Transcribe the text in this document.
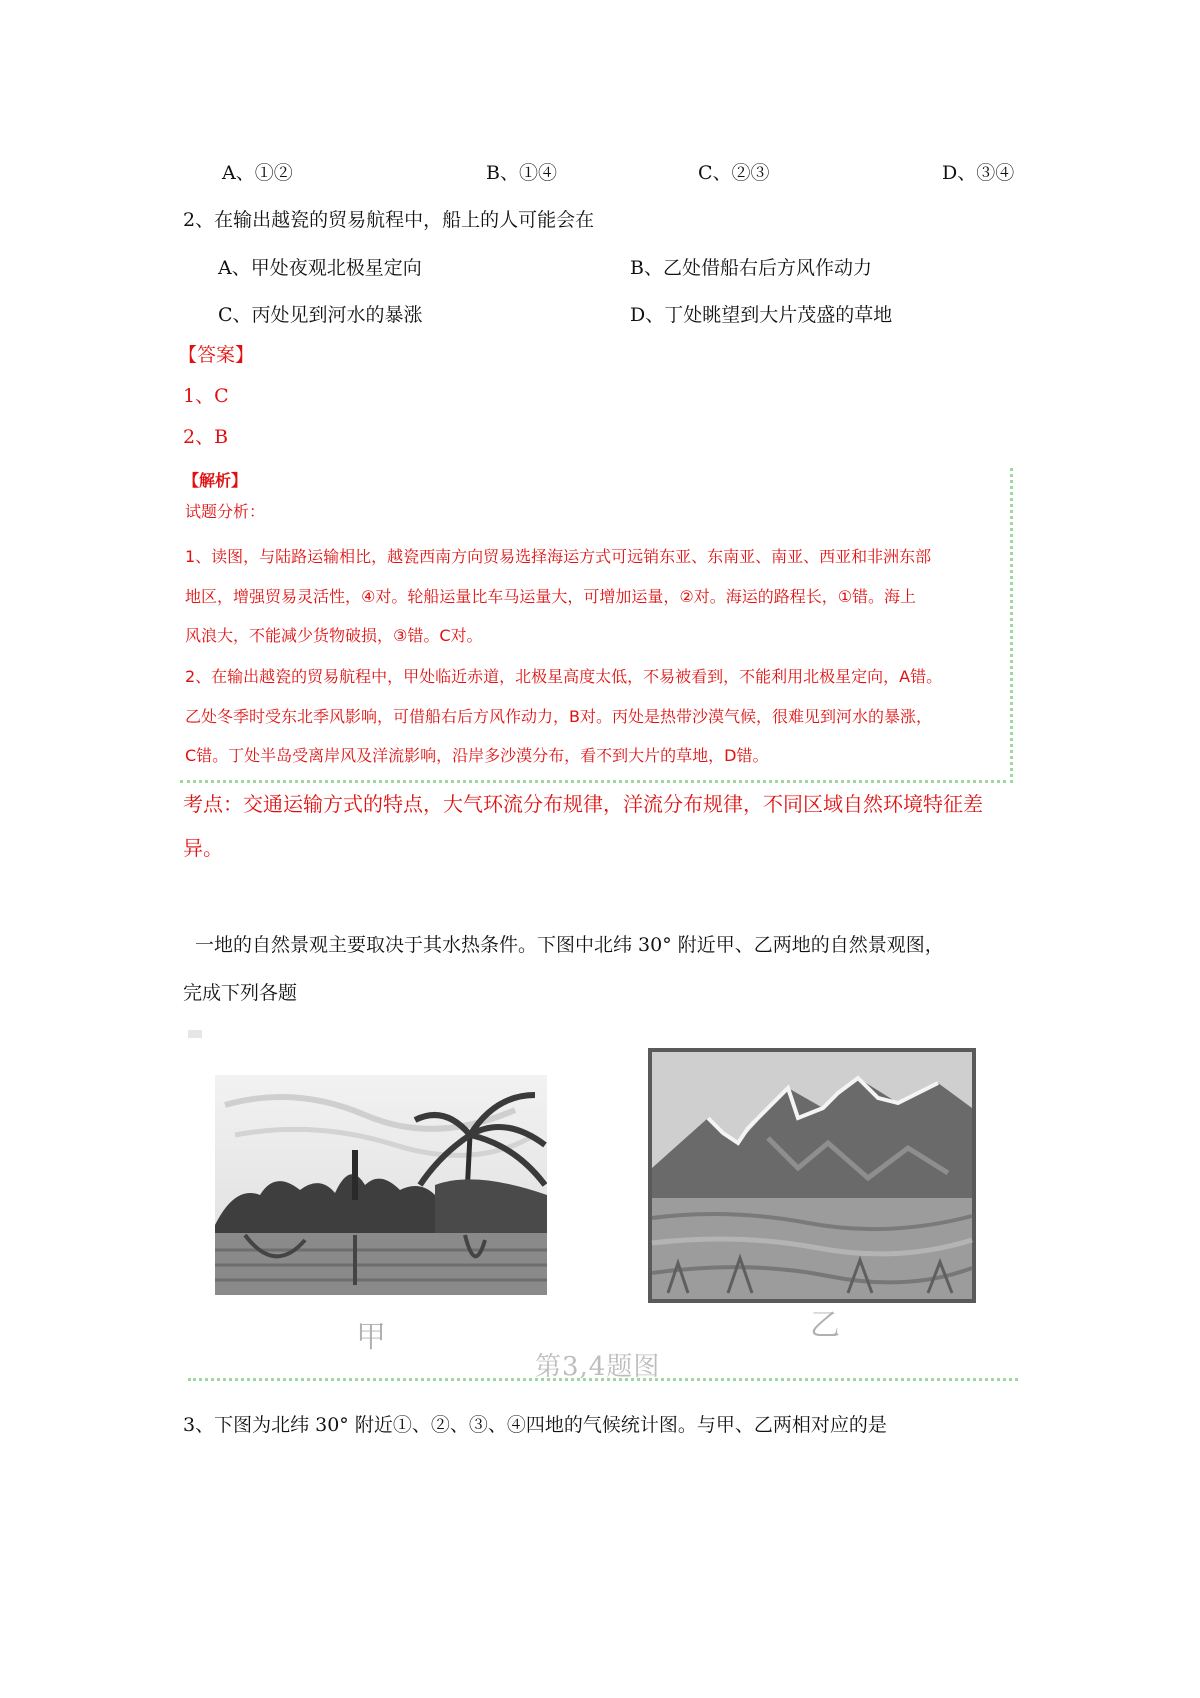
A、①②	B、①④	C、②③	D、③④
2、在输出越瓷的贸易航程中，船上的人可能会在
A、甲处夜观北极星定向	B、乙处借船右后方风作动力
C、丙处见到河水的暴涨	D、丁处眺望到大片茂盛的草地
【答案】
1、C
2、B
【解析】
试题分析：
1、读图，与陆路运输相比，越瓷西南方向贸易选择海运方式可远销东亚、东南亚、南亚、西亚和非洲东部
地区，增强贸易灵活性，④对。轮船运量比车马运量大，可增加运量，②对。海运的路程长，①错。海上
风浪大，不能减少货物破损，③错。C对。
2、在输出越瓷的贸易航程中，甲处临近赤道，北极星高度太低，不易被看到，不能利用北极星定向，A错。
乙处冬季时受东北季风影响，可借船右后方风作动力，B对。丙处是热带沙漠气候，很难见到河水的暴涨，
C错。丁处半岛受离岸风及洋流影响，沿岸多沙漠分布，看不到大片的草地，D错。
考点：交通运输方式的特点，大气环流分布规律，洋流分布规律，不同区域自然环境特征差
异。
一地的自然景观主要取决于其水热条件。下图中北纬 30° 附近甲、乙两地的自然景观图，
完成下列各题
甲	乙
第3,4题图
3、下图为北纬 30° 附近①、②、③、④四地的气候统计图。与甲、乙两相对应的是
